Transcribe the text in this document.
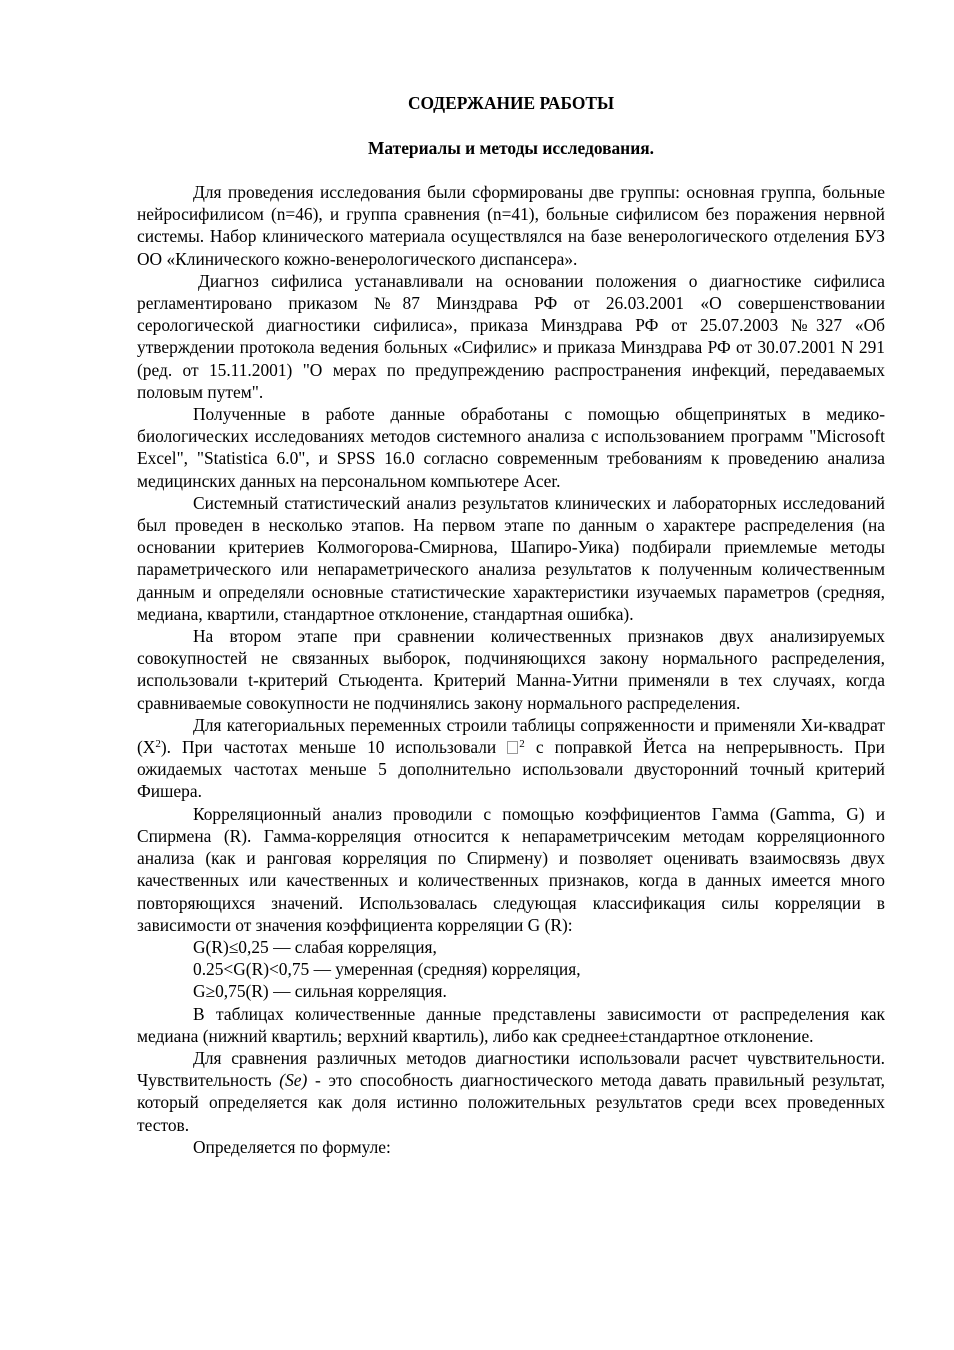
СОДЕРЖАНИЕ РАБОТЫ
Материалы и методы исследования.

Для проведения исследования были сформированы две группы: основная группа, больные нейросифилисом (n=46), и группа сравнения (n=41), больные сифилисом без поражения нервной системы. Набор клинического материала осуществлялся на базе венерологического отделения БУЗ ОО «Клинического кожно-венерологического диспансера».

Диагноз сифилиса устанавливали на основании положения о диагностике сифилиса регламентировано приказом №87 Минздрава РФ от 26.03.2001 «О совершенствовании серологической диагностики сифилиса», приказа Минздрава РФ от 25.07.2003 №327 «Об утверждении протокола ведения больных «Сифилис» и приказа Минздрава РФ от 30.07.2001 N 291 (ред. от 15.11.2001) "О мерах по предупреждению распространения инфекций, передаваемых половым путем".

Полученные в работе данные обработаны с помощью общепринятых в медико-биологических исследованиях методов системного анализа с использованием программ "Microsoft Excel", "Statistica 6.0", и SPSS 16.0 согласно современным требованиям к проведению анализа медицинских данных на персональном компьютере Acer.

Системный статистический анализ результатов клинических и лабораторных исследований был проведен в несколько этапов. На первом этапе по данным о характере распределения (на основании критериев Колмогорова-Смирнова, Шапиро-Уика) подбирали приемлемые методы параметрического или непараметрического анализа результатов к полученным количественным данным и определяли основные статистические характеристики изучаемых параметров (средняя, медиана, квартили, стандартное отклонение, стандартная ошибка).

На втором этапе при сравнении количественных признаков двух анализируемых совокупностей не связанных выборок, подчиняющихся закону нормального распределения, использовали t-критерий Стьюдента. Критерий Манна-Уитни применяли в тех случаях, когда сравниваемые совокупности не подчинялись закону нормального распределения.

Для категориальных переменных строили таблицы сопряженности и применяли Хи-квадрат $(X^2)$. При частотах меньше 10 использовали $^2$ с поправкой Йетса на непрерывность. При ожидаемых частотах меньше 5 дополнительно использовали двусторонний точный критерий Фишера.

Корреляционный анализ проводили с помощью коэффициентов Гамма (Gamma, G) и Спирмена (R). Гамма-корреляция относится к непараметричсеким методам корреляционного анализа (как и ранговая корреляция по Спирмену) и позволяет оценивать взаимосвязь двух качественных или качественных и количественных признаков, когда в данных имеется много повторяющихся значений. Использовалась следующая классификация силы корреляции в зависимости от значения коэффициента корреляции G (R):

G(R)≤0,25 — слабая корреляция,
0.25<G(R)<0,75 — умеренная (средняя) корреляция,
G≥0,75(R) — сильная корреляция.

В таблицах количественные данные представлены зависимости от распределения как медиана (нижний квартиль; верхний квартиль), либо как среднее±стандартное отклонение.

Для сравнения различных методов диагностики использовали расчет чувствительности. Чувствительность (Se) - это способность диагностического метода давать правильный результат, который определяется как доля истинно положительных результатов среди всех проведенных тестов.

Определяется по формуле:
